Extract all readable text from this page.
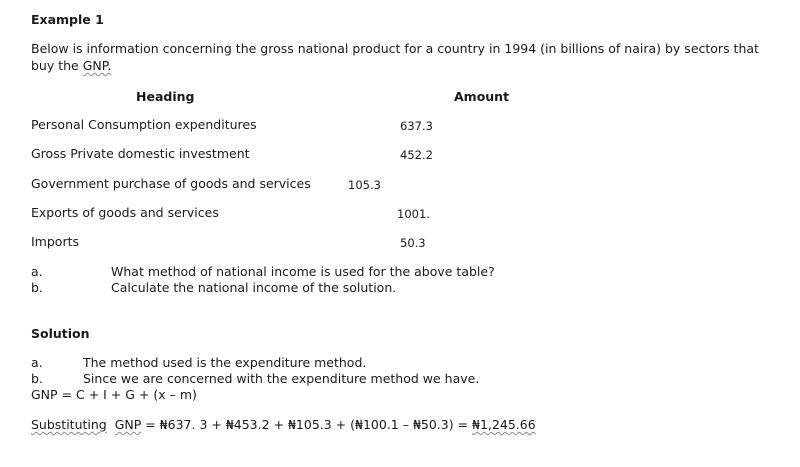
Example 1
Below is information concerning the gross national product for a country in 1994 (in billions of naira) by sectors that
buy the GNP.
Heading	Amount
Personal Consumption expenditures	637.3
Gross Private domestic investment	452.2
Government purchase of goods and services	105.3
Exports of goods and services	1001.
Imports	50.3
a.	What method of national income is used for the above table?
b.	Calculate the national income of the solution.
Solution
a.	The method used is the expenditure method.
b.	Since we are concerned with the expenditure method we have.
GNP = C + I + G + (x – m)
Substituting GNP = ₦637. 3 + ₦453.2 + ₦105.3 + (₦100.1 – ₦50.3) = ₦1,245.66
